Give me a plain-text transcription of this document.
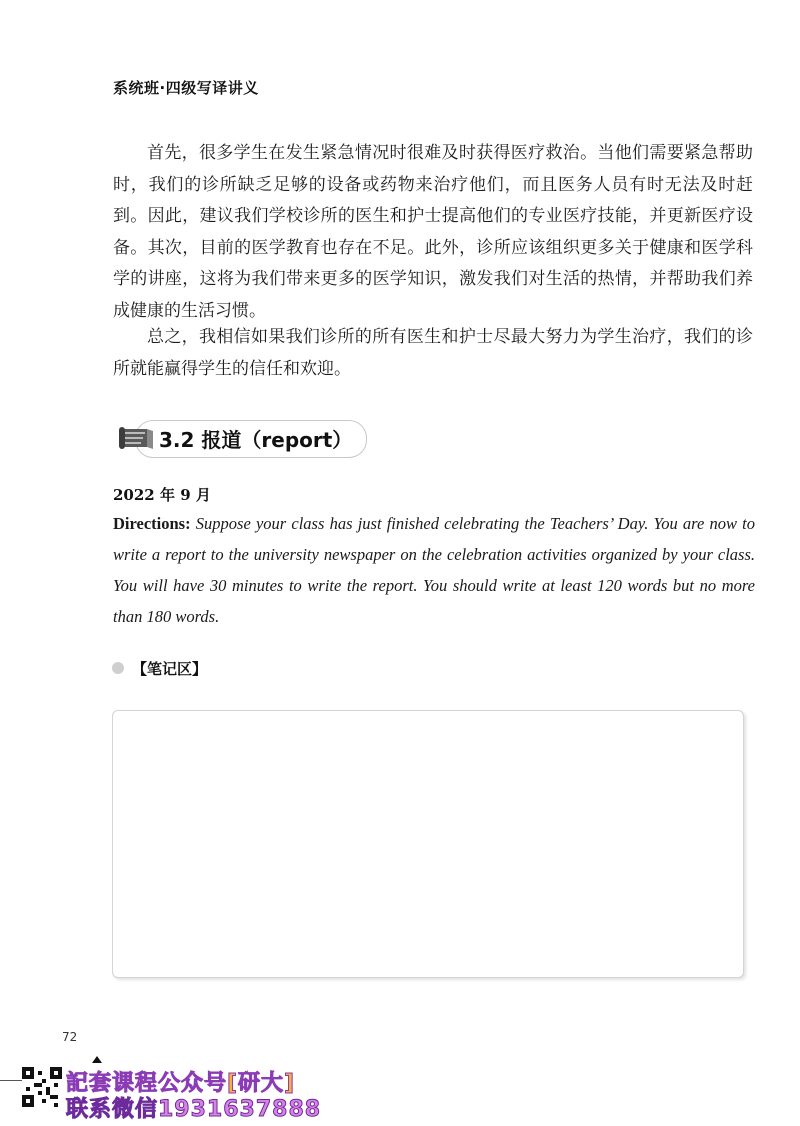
系统班·四级写译讲义

首先，很多学生在发生紧急情况时很难及时获得医疗救治。当他们需要紧急帮助时，我们的诊所缺乏足够的设备或药物来治疗他们，而且医务人员有时无法及时赶到。因此，建议我们学校诊所的医生和护士提高他们的专业医疗技能，并更新医疗设备。其次，目前的医学教育也存在不足。此外，诊所应该组织更多关于健康和医学科学的讲座，这将为我们带来更多的医学知识，激发我们对生活的热情，并帮助我们养成健康的生活习惯。

总之，我相信如果我们诊所的所有医生和护士尽最大努力为学生治疗，我们的诊所就能赢得学生的信任和欢迎。

3.2 报道（report）
2022 年 9 月

Directions: Suppose your class has just finished celebrating the Teachers’ Day. You are now to write a report to the university newspaper on the celebration activities organized by your class. You will have 30 minutes to write the report. You should write at least 120 words but no more than 180 words.

【笔记区】
72
記套课程公众号[研大]
联系微信1931637888
